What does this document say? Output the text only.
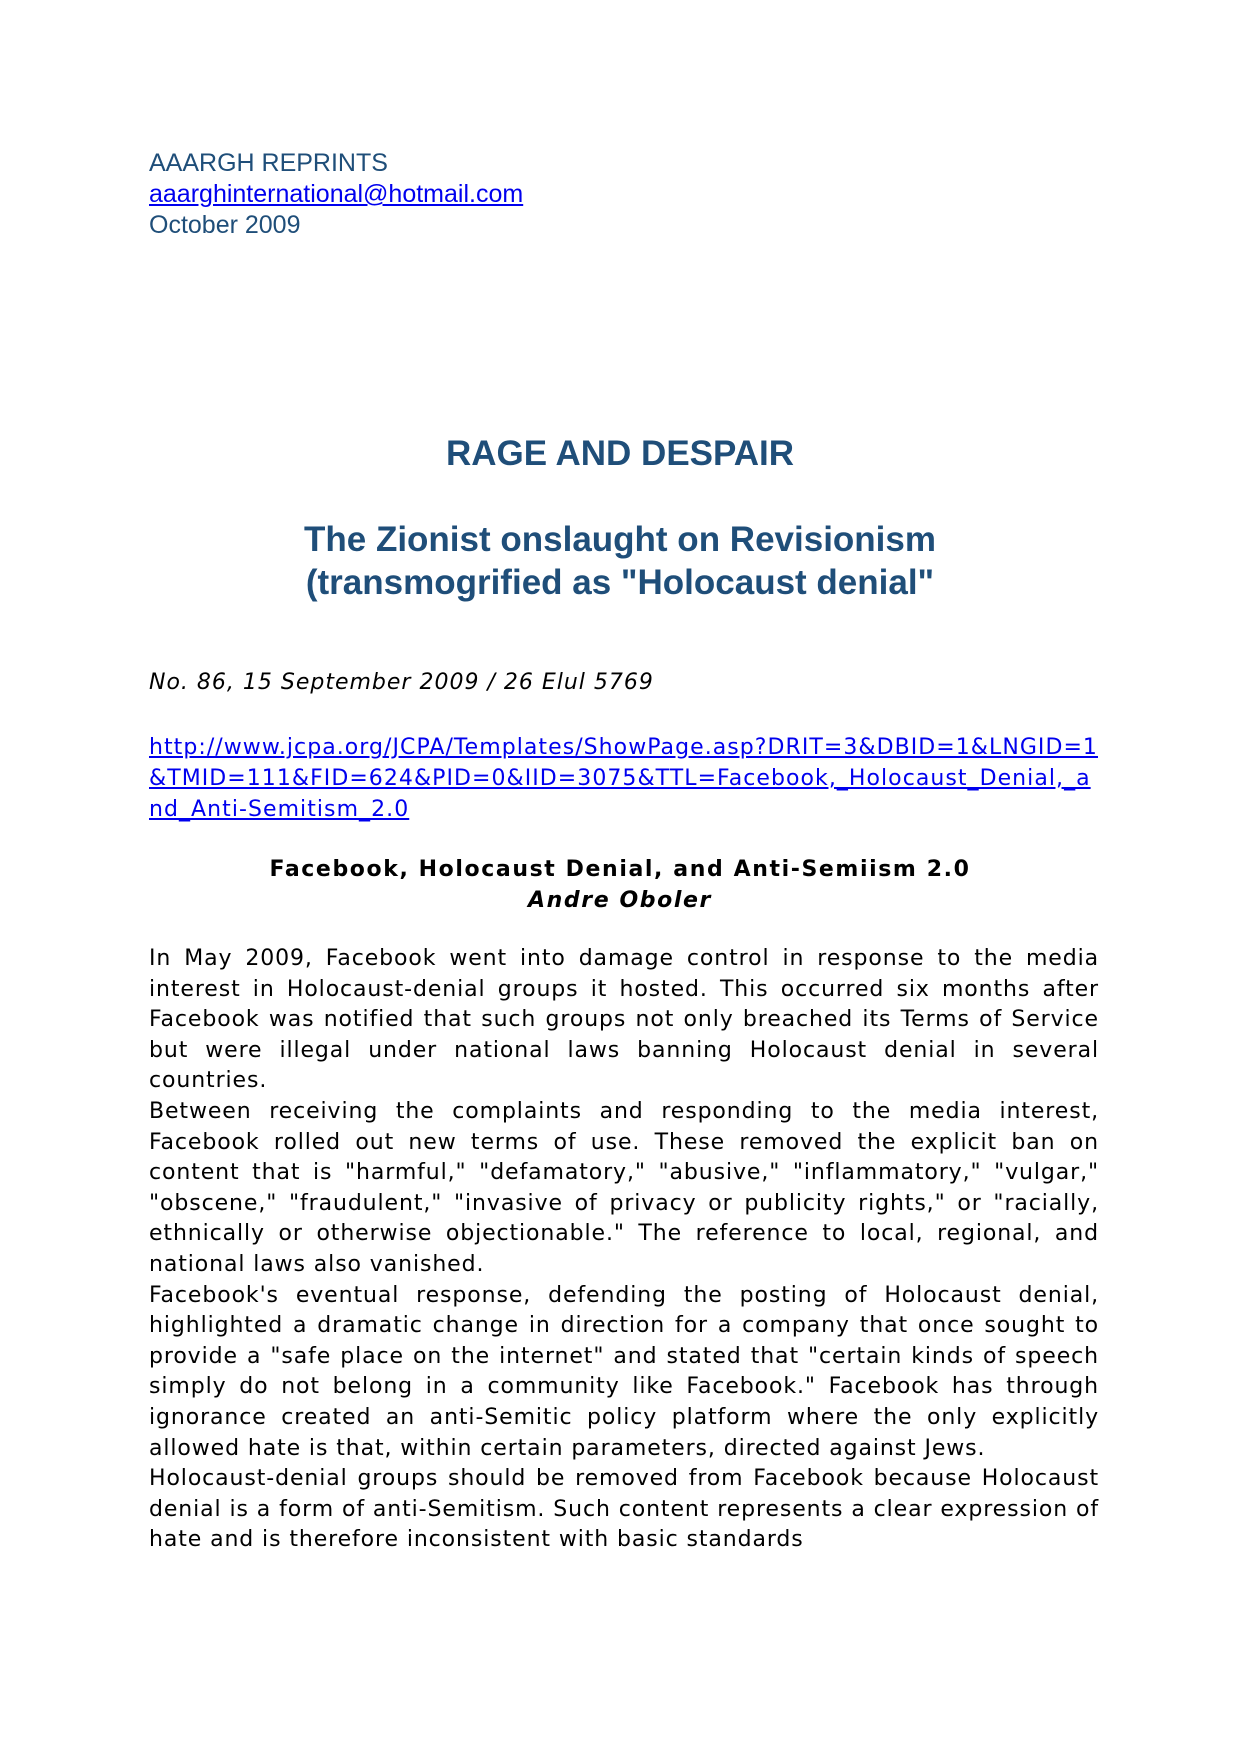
AAARGH REPRINTS
aaarghinternational@hotmail.com
October 2009
RAGE AND DESPAIR
The Zionist onslaught on Revisionism
(transmogrified as "Holocaust denial"
No. 86, 15 September 2009 / 26 Elul 5769
http://www.jcpa.org/JCPA/Templates/ShowPage.asp?DRIT=3&DBID=1&LNGID=1&TMID=111&FID=624&PID=0&IID=3075&TTL=Facebook,_Holocaust_Denial,_and_Anti-Semitism_2.0
Facebook, Holocaust Denial, and Anti-Semiism 2.0
Andre Oboler

In May 2009, Facebook went into damage control in response to the media interest in Holocaust-denial groups it hosted. This occurred six months after Facebook was notified that such groups not only breached its Terms of Service but were illegal under national laws banning Holocaust denial in several countries.

Between receiving the complaints and responding to the media interest, Facebook rolled out new terms of use. These removed the explicit ban on content that is "harmful," "defamatory," "abusive," "inflammatory," "vulgar," "obscene," "fraudulent," "invasive of privacy or publicity rights," or "racially, ethnically or otherwise objectionable." The reference to local, regional, and national laws also vanished.

Facebook's eventual response, defending the posting of Holocaust denial, highlighted a dramatic change in direction for a company that once sought to provide a "safe place on the internet" and stated that "certain kinds of speech simply do not belong in a community like Facebook." Facebook has through ignorance created an anti-Semitic policy platform where the only explicitly allowed hate is that, within certain parameters, directed against Jews.

Holocaust-denial groups should be removed from Facebook because Holocaust denial is a form of anti-Semitism. Such content represents a clear expression of hate and is therefore inconsistent with basic standards
